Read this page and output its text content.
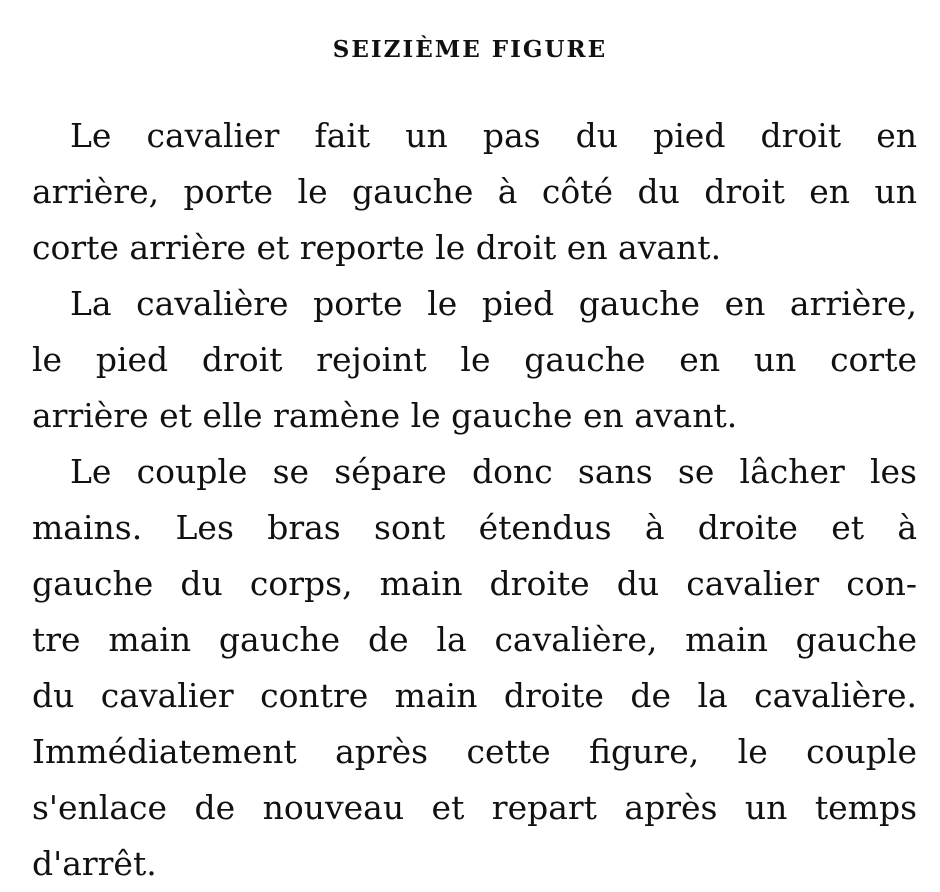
SEIZIÈME FIGURE
Le cavalier fait un pas du pied droit en
arrière, porte le gauche à côté du droit en un
corte arrière et reporte le droit en avant.
La cavalière porte le pied gauche en arrière,
le pied droit rejoint le gauche en un corte
arrière et elle ramène le gauche en avant.
Le couple se sépare donc sans se lâcher les
mains. Les bras sont étendus à droite et à
gauche du corps, main droite du cavalier con-
tre main gauche de la cavalière, main gauche
du cavalier contre main droite de la cavalière.
Immédiatement après cette figure, le couple
s'enlace de nouveau et repart après un temps
d'arrêt.
